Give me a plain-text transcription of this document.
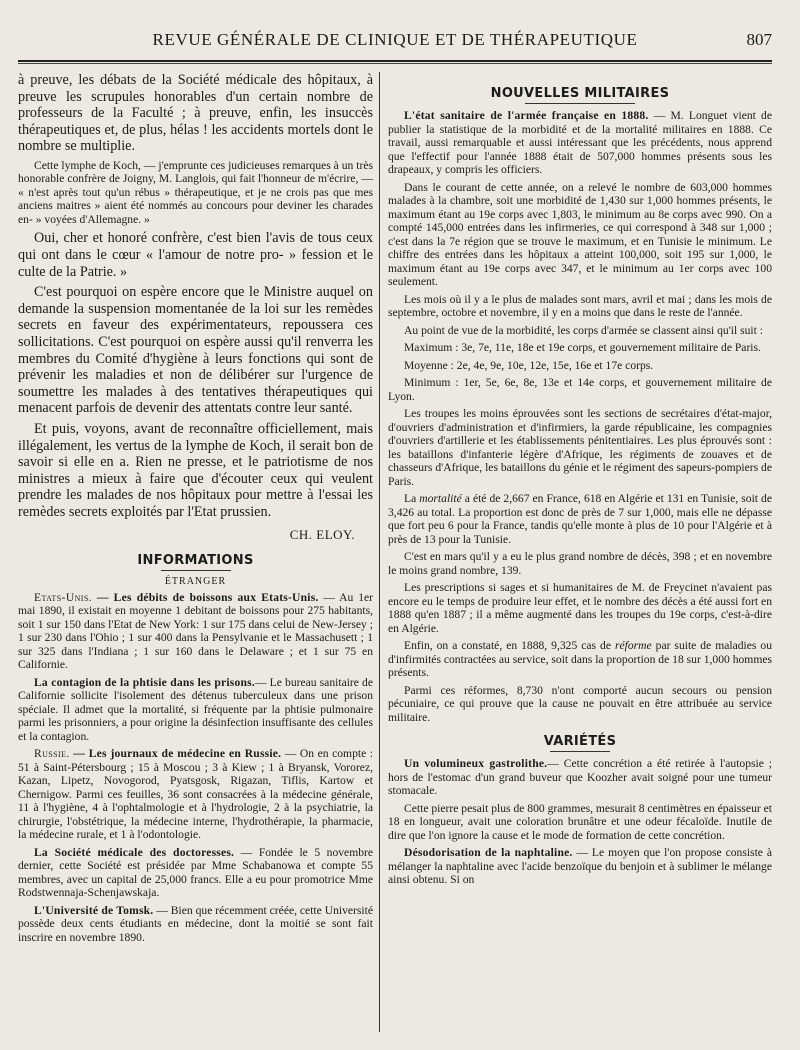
REVUE GÉNÉRALE DE CLINIQUE ET DE THÉRAPEUTIQUE	807

à preuve, les débats de la Société médicale des hôpitaux, à preuve les scrupules honorables d'un certain nombre de professeurs de la Faculté ; à preuve, enfin, les insuccès thérapeutiques et, de plus, hélas ! les accidents mortels dont le nombre se multiplie.

Cette lymphe de Koch, — j'emprunte ces judicieuses remarques à un très honorable confrère de Joigny, M. Langlois, qui fait l'honneur de m'écrire, — « n'est après tout qu'un rébus » thérapeutique, et je ne crois pas que mes anciens maitres » aient été nommés au concours pour deviner les charades en- » voyées d'Allemagne. »

Oui, cher et honoré confrère, c'est bien l'avis de tous ceux qui ont dans le cœur « l'amour de notre pro- » fession et le culte de la Patrie. »

C'est pourquoi on espère encore que le Ministre auquel on demande la suspension momentanée de la loi sur les remèdes secrets en faveur des expérimentateurs, repoussera ces sollicitations. C'est pourquoi on espère aussi qu'il renverra les membres du Comité d'hygiène à leurs fonctions qui sont de prévenir les maladies et non de délibérer sur l'urgence de soumettre les malades à des tentatives thérapeutiques qui menacent parfois de devenir des attentats contre leur santé.

Et puis, voyons, avant de reconnaître officiellement, mais illégalement, les vertus de la lymphe de Koch, il serait bon de savoir si elle en a. Rien ne presse, et le patriotisme de nos ministres a mieux à faire que d'écouter ceux qui veulent prendre les malades de nos hôpitaux pour mettre à l'essai les remèdes secrets exploités par l'Etat prussien.

CH. ELOY.
INFORMATIONS
ÉTRANGER

Etats-Unis. — Les débits de boissons aux Etats-Unis. — Au 1er mai 1890, il existait en moyenne 1 debitant de boissons pour 275 habitants, soit 1 sur 150 dans l'Etat de New York: 1 sur 175 dans celui de New-Jersey ; 1 sur 230 dans l'Ohio ; 1 sur 400 dans la Pensylvanie et le Massachusett ; 1 sur 325 dans l'Indiana ; 1 sur 160 dans le Delaware ; et 1 sur 75 en Californie.

La contagion de la phtisie dans les prisons.— Le bureau sanitaire de Californie sollicite l'isolement des détenus tuberculeux dans une prison spéciale. Il admet que la mortalité, si fréquente par la phtisie pulmonaire parmi les prisonniers, a pour origine la désinfection insuffisante des cellules et la contagion.

Russie. — Les journaux de médecine en Russie. — On en compte : 51 à Saint-Pétersbourg ; 15 à Moscou ; 3 à Kiew ; 1 à Bryansk, Vororez, Kazan, Lipetz, Novogorod, Pyatsgosk, Rigazan, Tiflis, Kartow et Chernigow. Parmi ces feuilles, 36 sont consacrées à la médecine générale, 11 à l'hygiène, 4 à l'ophtalmologie et à l'hydrologie, 2 à la psychiatrie, la chirurgie, l'obstétrique, la médecine interne, l'hydrothérapie, la pharmacie, la médecine rurale, et 1 à l'odontologie.

La Société médicale des doctoresses. — Fondée le 5 novembre dernier, cette Société est présidée par Mme Schabanowa et compte 55 membres, avec un capital de 25,000 francs. Elle a eu pour promotrice Mme Rodstwennaja-Schenjawskaja.

L'Université de Tomsk. — Bien que récemment créée, cette Université possède deux cents étudiants en médecine, dont la moitié se sont fait inscrire en novembre 1890.

NOUVELLES MILITAIRES

L'état sanitaire de l'armée française en 1888. — M. Longuet vient de publier la statistique de la morbidité et de la mortalité militaires en 1888. Ce travail, aussi remarquable et aussi intéressant que les précédents, nous apprend que l'effectif pour l'année 1888 était de 507,000 hommes présents sous les drapeaux, y compris les officiers.

Dans le courant de cette année, on a relevé le nombre de 603,000 hommes malades à la chambre, soit une morbidité de 1,430 sur 1,000 hommes présents, le maximum étant au 19e corps avec 1,803, le minimum au 8e corps avec 990. On a compté 145,000 entrées dans les infirmeries, ce qui correspond à 348 sur 1,000 ; c'est dans la 7e région que se trouve le maximum, et en Tunisie le minimum. Le chiffre des entrées dans les hôpitaux a atteint 100,000, soit 195 sur 1,000, le maximum étant au 19e corps avec 347, et le minimum au 1er corps avec 100 seulement.

Les mois où il y a le plus de malades sont mars, avril et mai ; dans les mois de septembre, octobre et novembre, il y en a moins que dans le reste de l'année.

Au point de vue de la morbidité, les corps d'armée se classent ainsi qu'il suit :

Maximum : 3e, 7e, 11e, 18e et 19e corps, et gouvernement militaire de Paris.

Moyenne : 2e, 4e, 9e, 10e, 12e, 15e, 16e et 17e corps.

Minimum : 1er, 5e, 6e, 8e, 13e et 14e corps, et gouvernement militaire de Lyon.

Les troupes les moins éprouvées sont les sections de secrétaires d'état-major, d'ouvriers d'administration et d'infirmiers, la garde républicaine, les compagnies d'ouvriers d'artillerie et les établissements pénitentiaires. Les plus éprouvés sont : les bataillons d'infanterie légère d'Afrique, les régiments de zouaves et de chasseurs d'Afrique, les bataillons du génie et le régiment des sapeurs-pompiers de Paris.

La mortalité a été de 2,667 en France, 618 en Algérie et 131 en Tunisie, soit de 3,426 au total. La proportion est donc de près de 7 sur 1,000, mais elle ne dépasse que fort peu 6 pour la France, tandis qu'elle monte à plus de 10 pour l'Algérie et à près de 13 pour la Tunisie.

C'est en mars qu'il y a eu le plus grand nombre de décès, 398 ; et en novembre le moins grand nombre, 139.

Les prescriptions si sages et si humanitaires de M. de Freycinet n'avaient pas encore eu le temps de produire leur effet, et le nombre des décès a été aussi fort en 1888 qu'en 1887 ; il a même augmenté dans les troupes du 19e corps, c'est-à-dire en Algérie.

Enfin, on a constaté, en 1888, 9,325 cas de réforme par suite de maladies ou d'infirmités contractées au service, soit dans la proportion de 18 sur 1,000 hommes présents.

Parmi ces réformes, 8,730 n'ont comporté aucun secours ou pension pécuniaire, ce qui prouve que la cause ne pouvait en être attribuée au service militaire.

VARIÉTÉS

Un volumineux gastrolithe.— Cette concrétion a été retirée à l'autopsie ; hors de l'estomac d'un grand buveur que Koozher avait soigné pour une tumeur stomacale.

Cette pierre pesait plus de 800 grammes, mesurait 8 centimètres en épaisseur et 18 en longueur, avait une coloration brunâtre et une odeur fécaloïde. Inutile de dire que l'on ignore la cause et le mode de formation de cette concrétion.

Désodorisation de la naphtaline. — Le moyen que l'on propose consiste à mélanger la naphtaline avec l'acide benzoïque du benjoin et à sublimer le mélange ainsi obtenu. Si on
